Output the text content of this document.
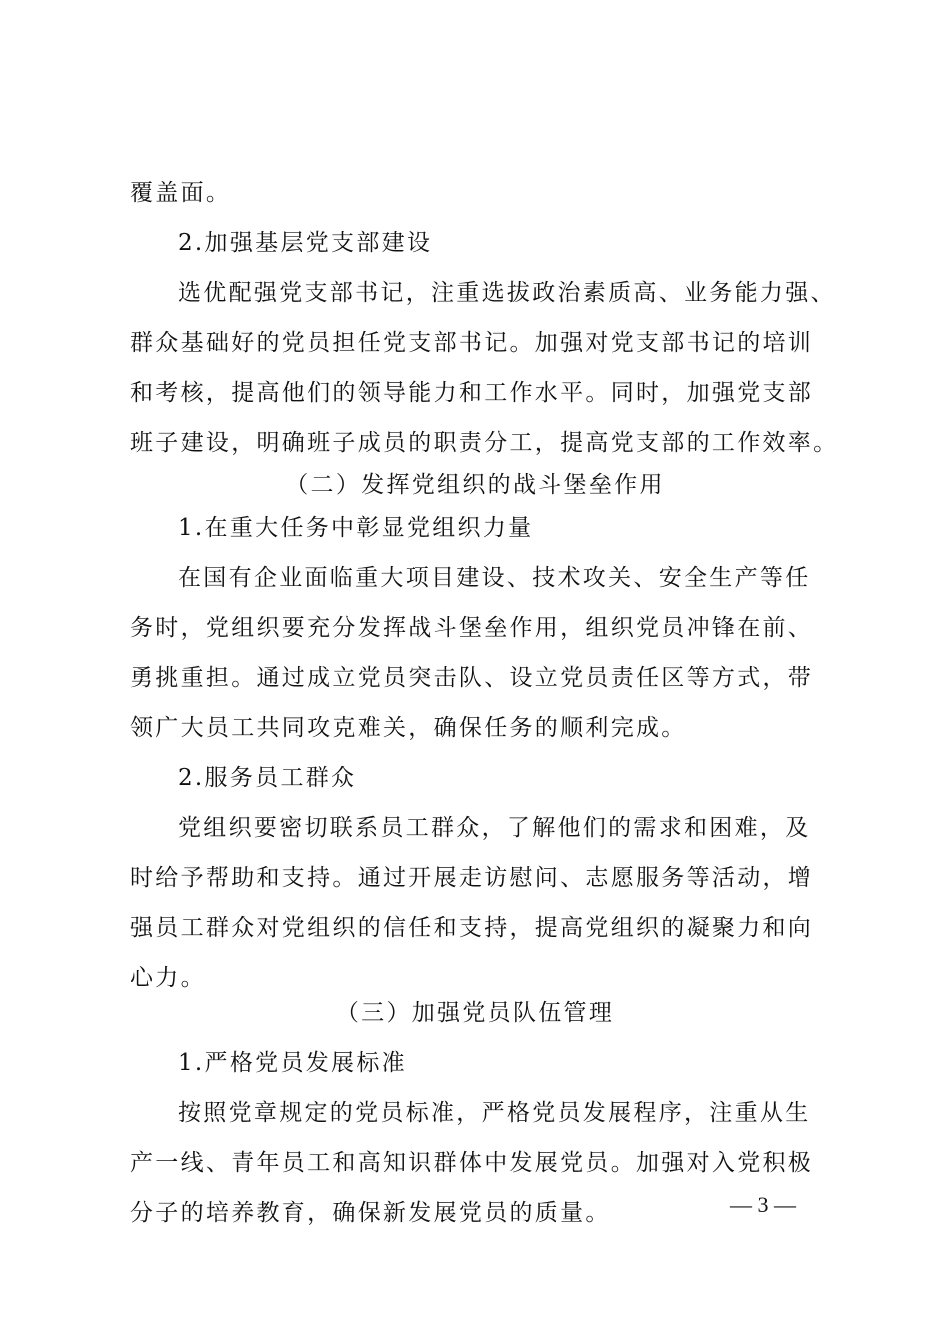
覆盖面。
2.加强基层党支部建设
选优配强党支部书记，注重选拔政治素质高、业务能力强、
群众基础好的党员担任党支部书记。加强对党支部书记的培训
和考核，提高他们的领导能力和工作水平。同时，加强党支部
班子建设，明确班子成员的职责分工，提高党支部的工作效率。
（二）发挥党组织的战斗堡垒作用
1.在重大任务中彰显党组织力量
在国有企业面临重大项目建设、技术攻关、安全生产等任
务时，党组织要充分发挥战斗堡垒作用，组织党员冲锋在前、
勇挑重担。通过成立党员突击队、设立党员责任区等方式，带
领广大员工共同攻克难关，确保任务的顺利完成。
2.服务员工群众
党组织要密切联系员工群众，了解他们的需求和困难，及
时给予帮助和支持。通过开展走访慰问、志愿服务等活动，增
强员工群众对党组织的信任和支持，提高党组织的凝聚力和向
心力。
（三）加强党员队伍管理
1.严格党员发展标准
按照党章规定的党员标准，严格党员发展程序，注重从生
产一线、青年员工和高知识群体中发展党员。加强对入党积极
分子的培养教育，确保新发展党员的质量。	— 3 —
